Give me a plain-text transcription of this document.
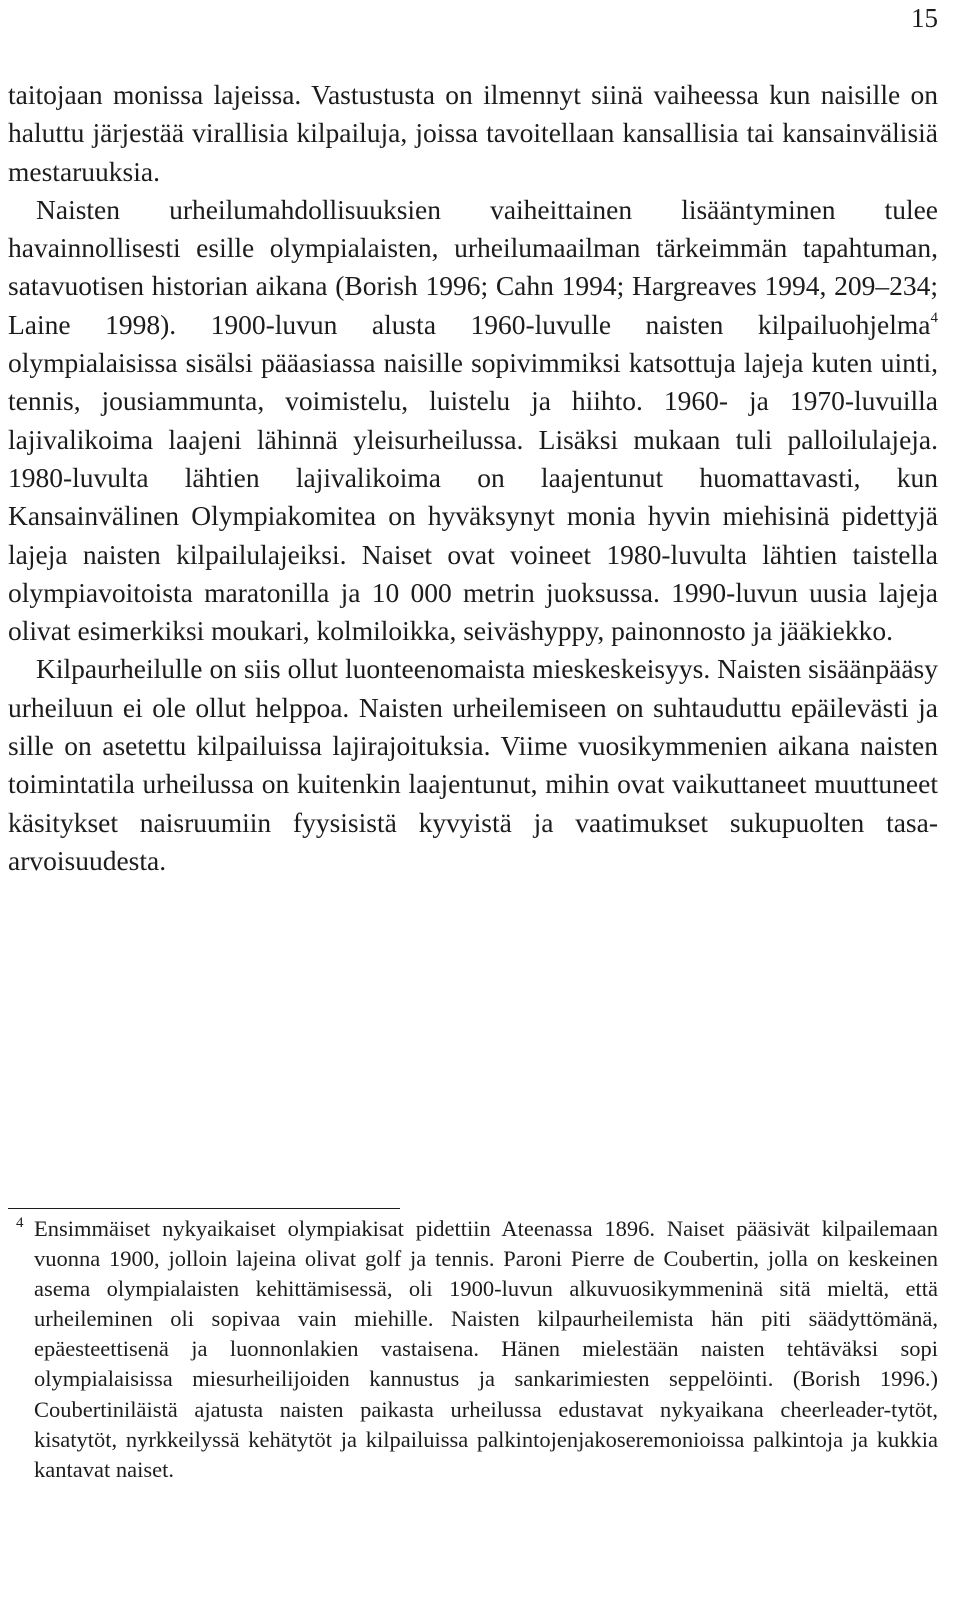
15

taitojaan monissa lajeissa. Vastustusta on ilmennyt siinä vaiheessa kun naisille on haluttu järjestää virallisia kilpailuja, joissa tavoitellaan kansallisia tai kansainvälisiä mestaruuksia.

Naisten urheilumahdollisuuksien vaiheittainen lisääntyminen tulee havainnollisesti esille olympialaisten, urheilumaailman tärkeimmän tapahtuman, satavuotisen historian aikana (Borish 1996; Cahn 1994; Hargreaves 1994, 209–234; Laine 1998). 1900-luvun alusta 1960-luvulle naisten kilpailuohjelma$^4$ olympialaisissa sisälsi pääasiassa naisille sopivimmiksi katsottuja lajeja kuten uinti, tennis, jousiammunta, voimistelu, luistelu ja hiihto. 1960- ja 1970-luvuilla lajivalikoima laajeni lähinnä yleisurheilussa. Lisäksi mukaan tuli palloilulajeja. 1980-luvulta lähtien lajivalikoima on laajentunut huomattavasti, kun Kansainvälinen Olympiakomitea on hyväksynyt monia hyvin miehisinä pidettyjä lajeja naisten kilpailulajeiksi. Naiset ovat voineet 1980-luvulta lähtien taistella olympiavoitoista maratonilla ja 10 000 metrin juoksussa. 1990-luvun uusia lajeja olivat esimerkiksi moukari, kolmiloikka, seiväshyppy, painonnosto ja jääkiekko.

Kilpaurheilulle on siis ollut luonteenomaista mieskeskeisyys. Naisten sisäänpääsy urheiluun ei ole ollut helppoa. Naisten urheilemiseen on suhtauduttu epäilevästi ja sille on asetettu kilpailuissa lajirajoituksia. Viime vuosikymmenien aikana naisten toimintatila urheilussa on kuitenkin laajentunut, mihin ovat vaikuttaneet muuttuneet käsitykset naisruumiin fyysisistä kyvyistä ja vaatimukset sukupuolten tasa-arvoisuudesta.

4 Ensimmäiset nykyaikaiset olympiakisat pidettiin Ateenassa 1896. Naiset pääsivät kilpailemaan vuonna 1900, jolloin lajeina olivat golf ja tennis. Paroni Pierre de Coubertin, jolla on keskeinen asema olympialaisten kehittämisessä, oli 1900-luvun alkuvuosikymmeninä sitä mieltä, että urheileminen oli sopivaa vain miehille. Naisten kilpaurheilemista hän piti säädyttömänä, epäesteettisenä ja luonnonlakien vastaisena. Hänen mielestään naisten tehtäväksi sopi olympialaisissa miesurheilijoiden kannustus ja sankarimiesten seppelöinti. (Borish 1996.) Coubertiniläistä ajatusta naisten paikasta urheilussa edustavat nykyaikana cheerleader-tytöt, kisatytöt, nyrkkeilyssä kehätytöt ja kilpailuissa palkintojenjakoseremonioissa palkintoja ja kukkia kantavat naiset.
